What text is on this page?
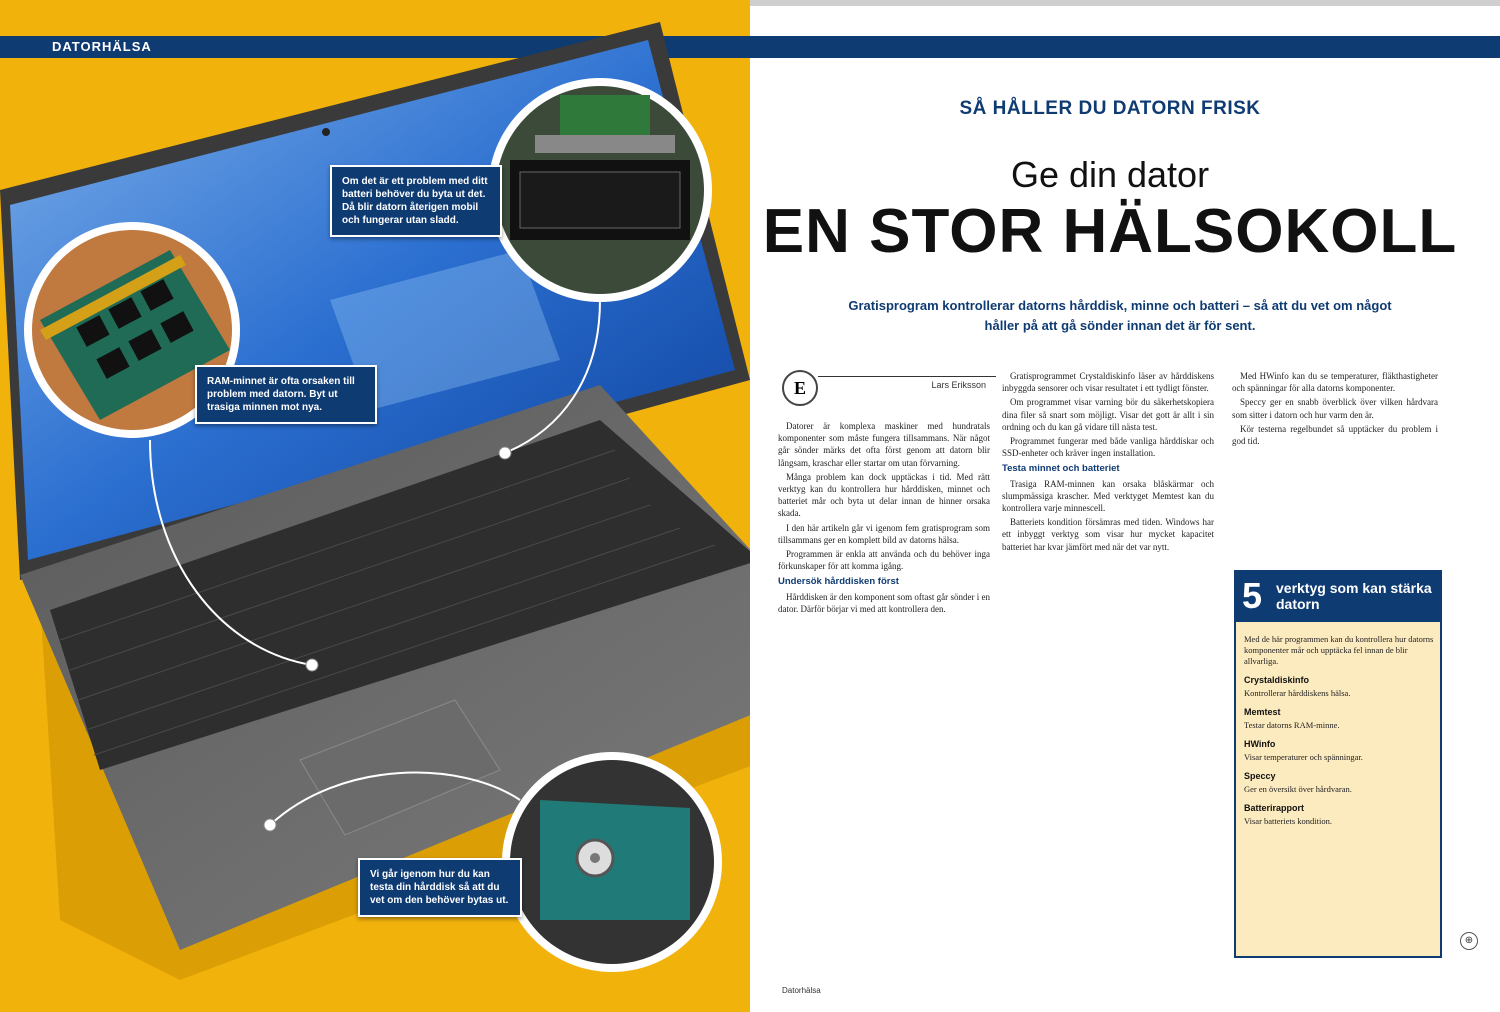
DATORHÄLSA
Om det är ett problem med ditt batteri behöver du byta ut det. Då blir datorn återigen mobil och fungerar utan sladd.
RAM-minnet är ofta orsaken till problem med datorn. Byt ut trasiga minnen mot nya.
Vi går igenom hur du kan testa din hårddisk så att du vet om den behöver bytas ut.
SÅ HÅLLER DU DATORN FRISK
Ge din dator
EN STOR HÄLSOKOLL
Gratisprogram kontrollerar datorns hårddisk, minne och batteri – så att du vet om något håller på att gå sönder innan det är för sent.
E	Lars Eriksson

Datorer är komplexa maskiner med hundratals komponenter som måste fungera tillsammans. När något går sönder märks det ofta först genom att datorn blir långsam, kraschar eller startar om utan förvarning.

Många problem kan dock upptäckas i tid. Med rätt verktyg kan du kontrollera hur hårddisken, minnet och batteriet mår och byta ut delar innan de hinner orsaka skada.

I den här artikeln går vi igenom fem gratisprogram som tillsammans ger en komplett bild av datorns hälsa.

Programmen är enkla att använda och du behöver inga förkunskaper för att komma igång.

Undersök hårddisken först

Hårddisken är den komponent som oftast går sönder i en dator. Därför börjar vi med att kontrollera den.

Gratisprogrammet Crystaldiskinfo läser av hårddiskens inbyggda sensorer och visar resultatet i ett tydligt fönster.

Om programmet visar varning bör du säkerhetskopiera dina filer så snart som möjligt. Visar det gott är allt i sin ordning och du kan gå vidare till nästa test.

Programmet fungerar med både vanliga hårddiskar och SSD-enheter och kräver ingen installation.

Testa minnet och batteriet

Trasiga RAM-minnen kan orsaka blåskärmar och slumpmässiga krascher. Med verktyget Memtest kan du kontrollera varje minnescell.

Batteriets kondition försämras med tiden. Windows har ett inbyggt verktyg som visar hur mycket kapacitet batteriet har kvar jämfört med när det var nytt.

Med HWinfo kan du se temperaturer, fläkthastigheter och spänningar för alla datorns komponenter.

Speccy ger en snabb överblick över vilken hårdvara som sitter i datorn och hur varm den är.

Kör testerna regelbundet så upptäcker du problem i god tid.

5 verktyg som kan stärka datorn

Med de här programmen kan du kontrollera hur datorns komponenter mår och upptäcka fel innan de blir allvarliga.

Crystaldiskinfo
Kontrollerar hårddiskens hälsa.
Memtest
Testar datorns RAM-minne.
HWinfo
Visar temperaturer och spänningar.
Speccy
Ger en översikt över hårdvaran.
Batterirapport
Visar batteriets kondition.
⊕
Datorhälsa
